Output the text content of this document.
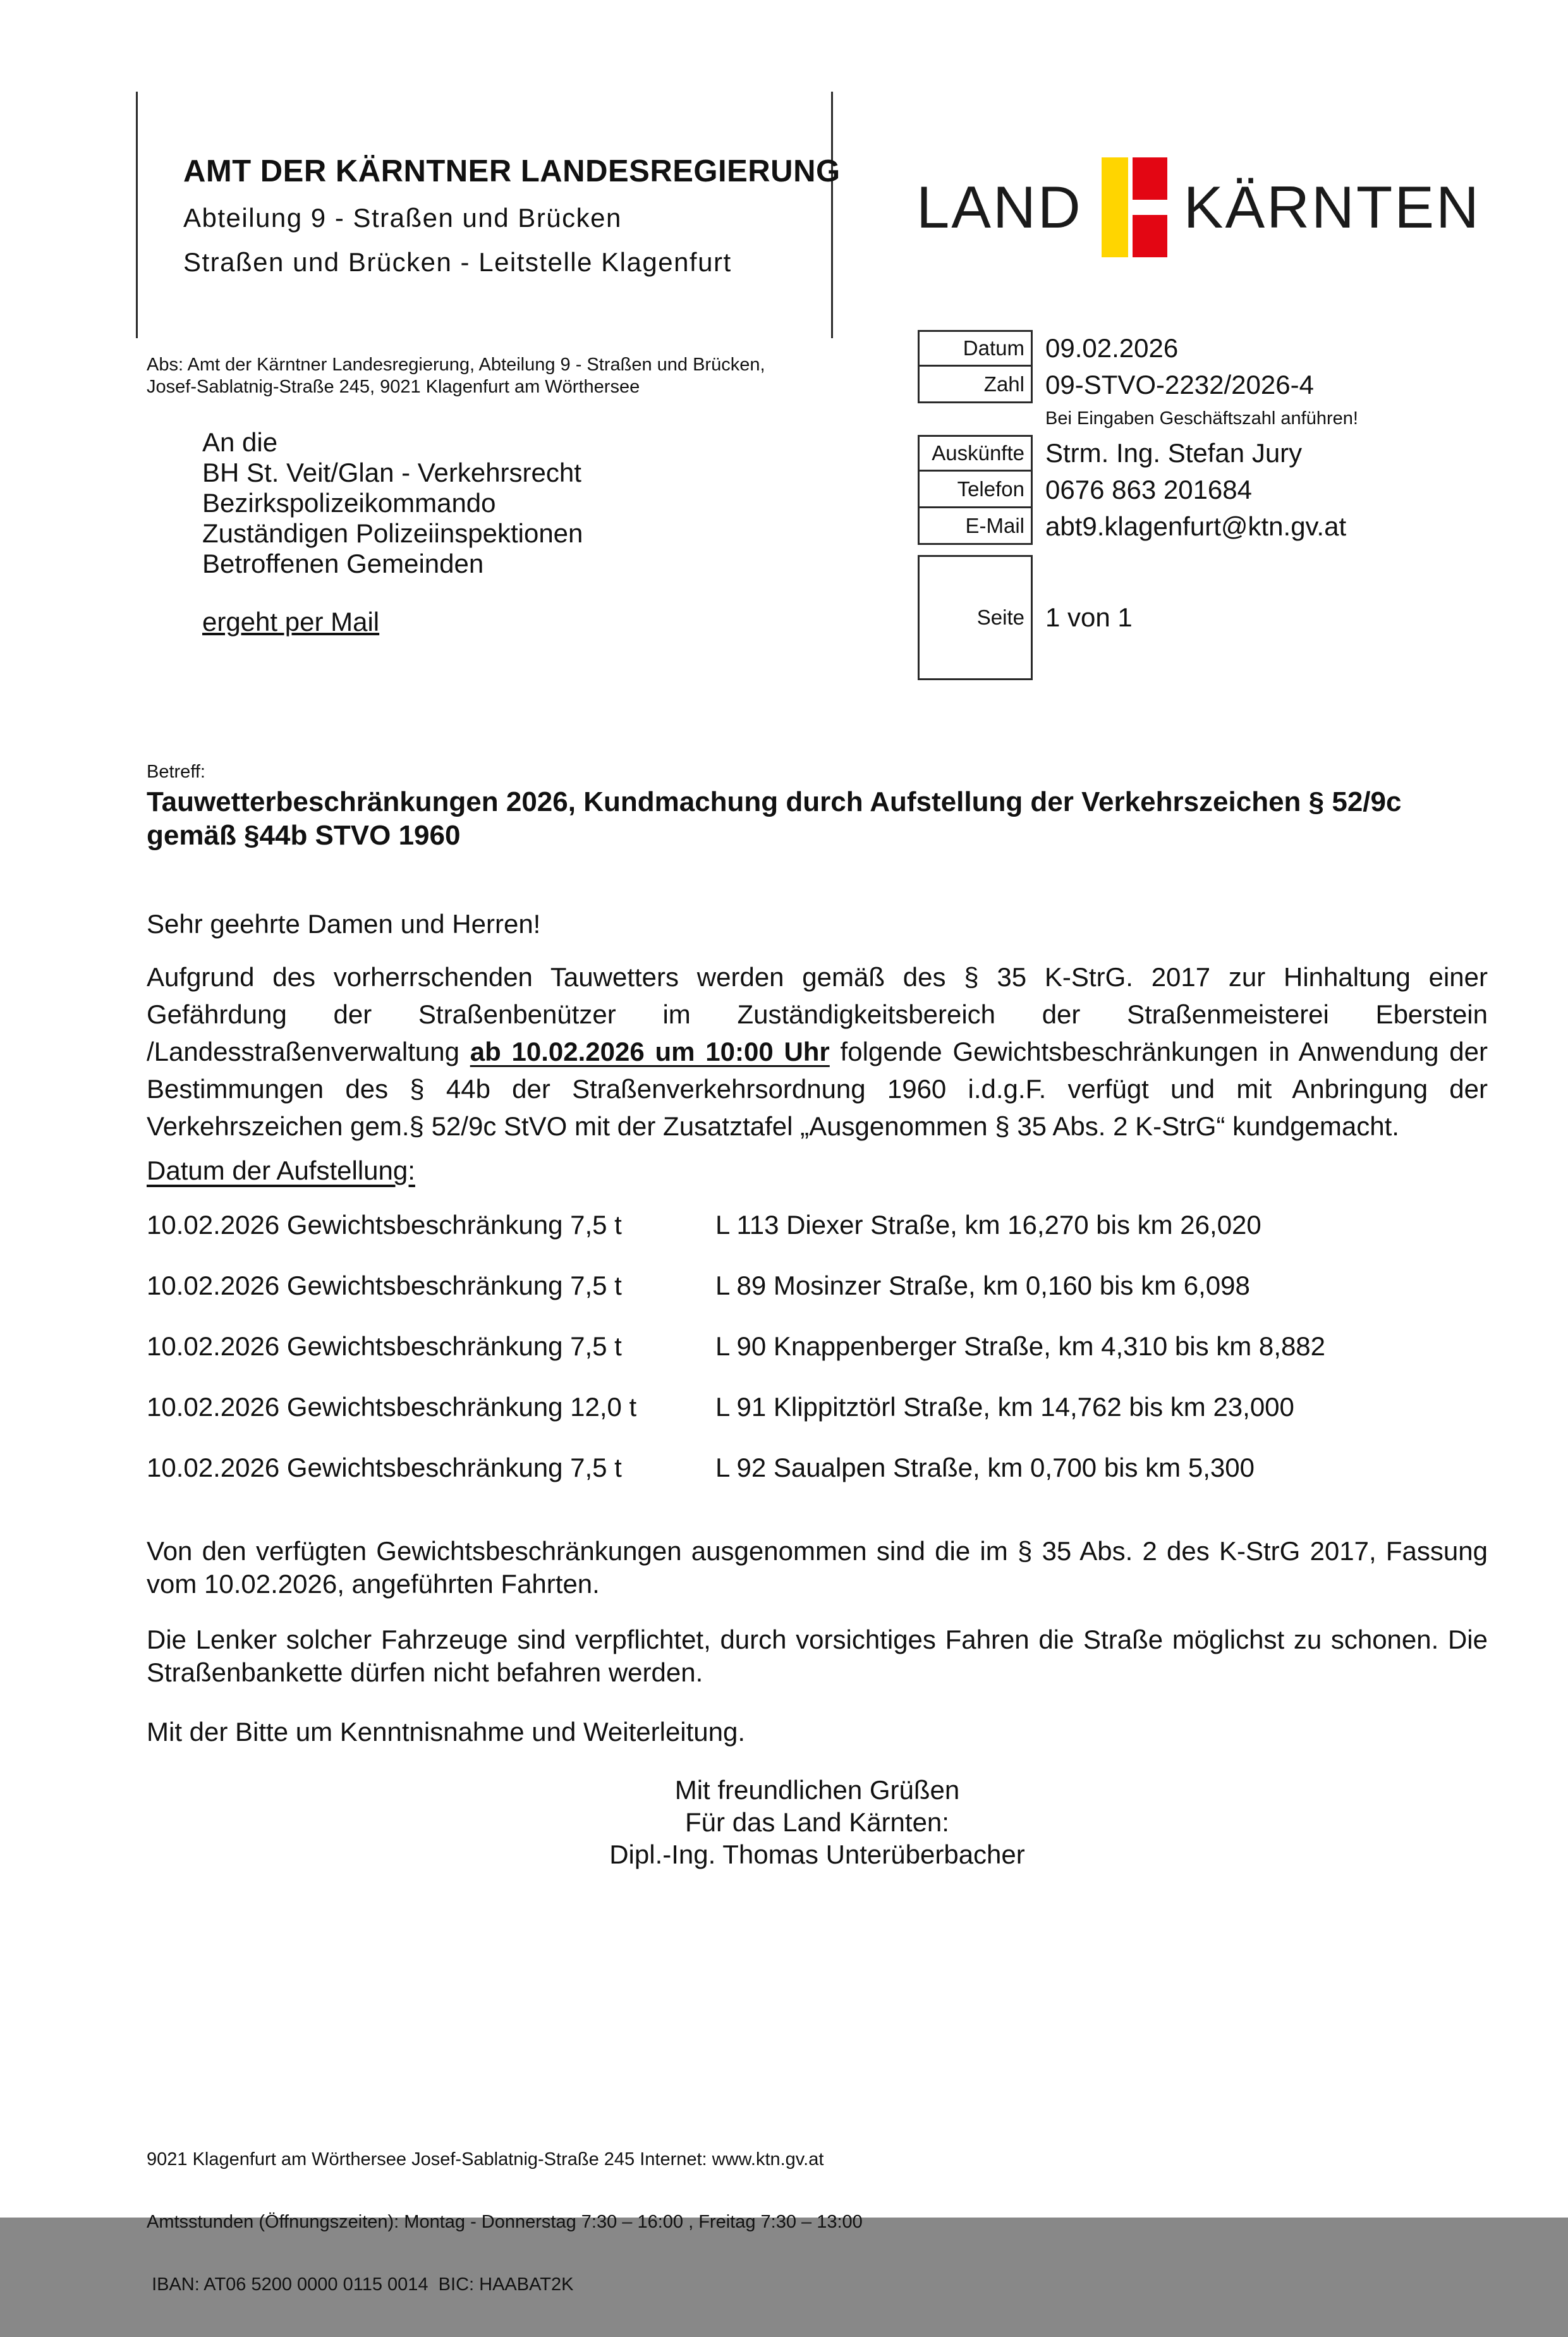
AMT DER KÄRNTNER LANDESREGIERUNG
Abteilung 9 - Straßen und Brücken
Straßen und Brücken - Leitstelle Klagenfurt
LAND KÄRNTEN
Abs: Amt der Kärntner Landesregierung, Abteilung 9 - Straßen und Brücken, Josef-Sablatnig-Straße 245, 9021 Klagenfurt am Wörthersee
An die
BH St. Veit/Glan - Verkehrsrecht
Bezirkspolizeikommando
Zuständigen Polizeiinspektionen
Betroffenen Gemeinden
ergeht per Mail
Datum 09.02.2026
Zahl 09-STVO-2232/2026-4
Bei Eingaben Geschäftszahl anführen!
Auskünfte Strm. Ing. Stefan Jury
Telefon 0676 863 201684
E-Mail abt9.klagenfurt@ktn.gv.at
Seite 1 von 1
Betreff:
Tauwetterbeschränkungen 2026, Kundmachung durch Aufstellung der Verkehrszeichen § 52/9c gemäß §44b STVO 1960
Sehr geehrte Damen und Herren!
Aufgrund des vorherrschenden Tauwetters werden gemäß des § 35 K-StrG. 2017 zur Hinhaltung einer Gefährdung der Straßenbenützer im Zuständigkeitsbereich der Straßenmeisterei Eberstein /Landesstraßenverwaltung ab 10.02.2026 um 10:00 Uhr folgende Gewichtsbeschränkungen in Anwendung der Bestimmungen des § 44b der Straßenverkehrsordnung 1960 i.d.g.F. verfügt und mit Anbringung der Verkehrszeichen gem.§ 52/9c StVO mit der Zusatztafel „Ausgenommen § 35 Abs. 2 K-StrG“ kundgemacht.
Datum der Aufstellung:
10.02.2026 Gewichtsbeschränkung 7,5 t	L 113 Diexer Straße, km 16,270 bis km 26,020
10.02.2026 Gewichtsbeschränkung 7,5 t	L 89 Mosinzer Straße, km 0,160 bis km 6,098
10.02.2026 Gewichtsbeschränkung 7,5 t	L 90 Knappenberger Straße, km 4,310 bis km 8,882
10.02.2026 Gewichtsbeschränkung 12,0 t	L 91 Klippitztörl Straße, km 14,762 bis km 23,000
10.02.2026 Gewichtsbeschränkung 7,5 t	L 92 Saualpen Straße, km 0,700 bis km 5,300
Von den verfügten Gewichtsbeschränkungen ausgenommen sind die im § 35 Abs. 2 des K-StrG 2017, Fassung vom 10.02.2026, angeführten Fahrten.
Die Lenker solcher Fahrzeuge sind verpflichtet, durch vorsichtiges Fahren die Straße möglichst zu schonen. Die Straßenbankette dürfen nicht befahren werden.
Mit der Bitte um Kenntnisnahme und Weiterleitung.
Mit freundlichen Grüßen
Für das Land Kärnten:
Dipl.-Ing. Thomas Unterüberbacher

9021 Klagenfurt am Wörthersee Josef-Sablatnig-Straße 245 Internet: www.ktn.gv.at

Amtsstunden (Öffnungszeiten): Montag - Donnerstag 7:30 – 16:00 , Freitag 7:30 – 13:00

IBAN: AT06 5200 0000 0115 0014  BIC: HAABAT2K
